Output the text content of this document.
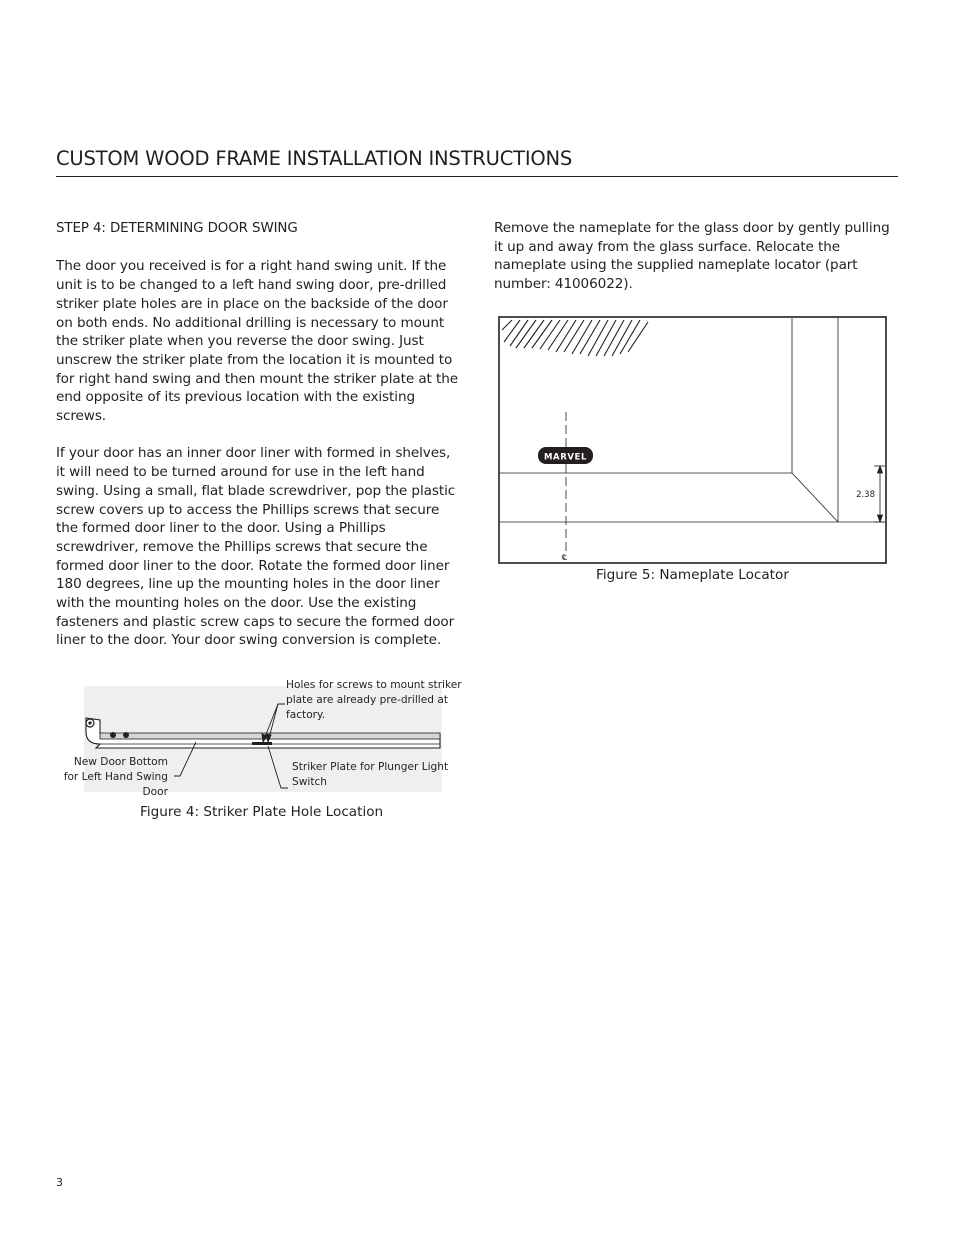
CUSTOM WOOD FRAME INSTALLATION INSTRUCTIONS
STEP 4: DETERMINING DOOR SWING

The door you received is for a right hand swing unit. If the unit is to be changed to a left hand swing door, pre-drilled striker plate holes are in place on the backside of the door on both ends. No additional drilling is necessary to mount the striker plate when you reverse the door swing. Just unscrew the striker plate from the location it is mounted to for right hand swing and then mount the striker plate at the end opposite of its previous location with the existing screws.

If your door has an inner door liner with formed in shelves, it will need to be turned around for use in the left hand swing. Using a small, flat blade screwdriver, pop the plastic screw covers up to access the Phillips screws that secure the formed door liner to the door. Using a Phillips screwdriver, remove the Phillips screws that secure the formed door liner to the door. Rotate the formed door liner 180 degrees, line up the mounting holes in the door liner with the mounting holes on the door. Use the existing fasteners and plastic screw caps to secure the formed door liner to the door. Your door swing conversion is complete.

Remove the nameplate for the glass door by gently pulling it up and away from the glass surface. Relocate the nameplate using the supplied nameplate locator (part number: 41006022).

MARVEL
2.38
℄
Figure 5: Nameplate Locator
Holes for screws to mount striker plate are already pre-drilled at factory.
Striker Plate for Plunger Light Switch
New Door Bottom for Left Hand Swing Door
Figure 4: Striker Plate Hole Location
3
